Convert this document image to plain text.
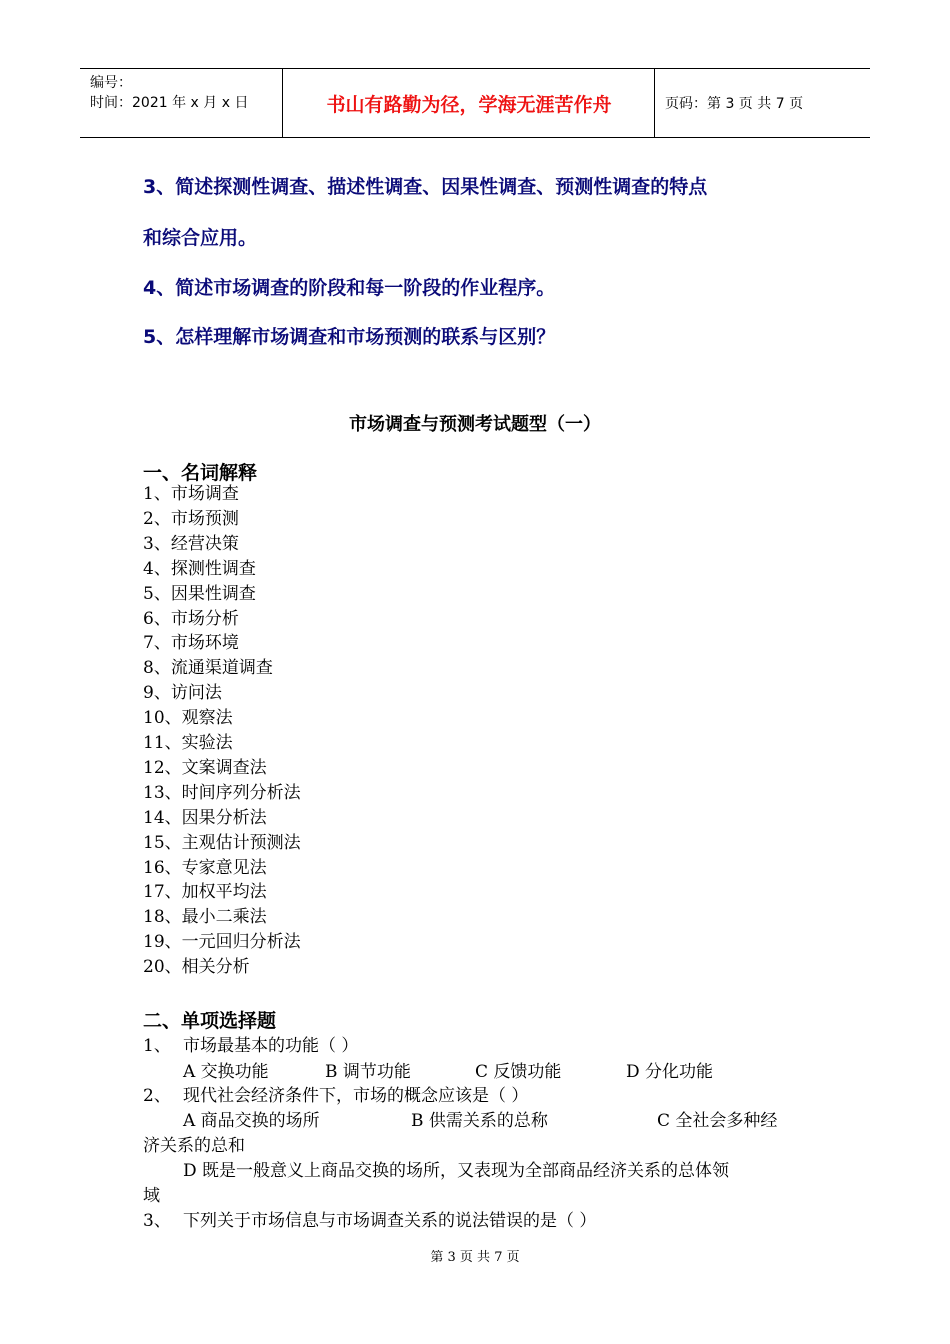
编号：
时间：2021 年 x 月 x 日	书山有路勤为径，学海无涯苦作舟	页码：第 3 页 共 7 页
3、简述探测性调查、描述性调查、因果性调查、预测性调查的特点
和综合应用。
4、简述市场调查的阶段和每一阶段的作业程序。
5、怎样理解市场调查和市场预测的联系与区别？
市场调查与预测考试题型（一）
一、名词解释
1、市场调查
2、市场预测
3、经营决策
4、探测性调查
5、因果性调查
6、市场分析
7、市场环境
8、流通渠道调查
9、访问法
10、观察法
11、实验法
12、文案调查法
13、时间序列分析法
14、因果分析法
15、主观估计预测法
16、专家意见法
17、加权平均法
18、最小二乘法
19、一元回归分析法
20、相关分析
二、单项选择题
1、 市场最基本的功能（ ）
A 交换功能	B 调节功能	C 反馈功能	D 分化功能
2、 现代社会经济条件下，市场的概念应该是（ ）
A 商品交换的场所	B 供需关系的总称	C 全社会多种经
济关系的总和
D 既是一般意义上商品交换的场所，又表现为全部商品经济关系的总体领
域
3、 下列关于市场信息与市场调查关系的说法错误的是（ ）
第 3 页 共 7 页
